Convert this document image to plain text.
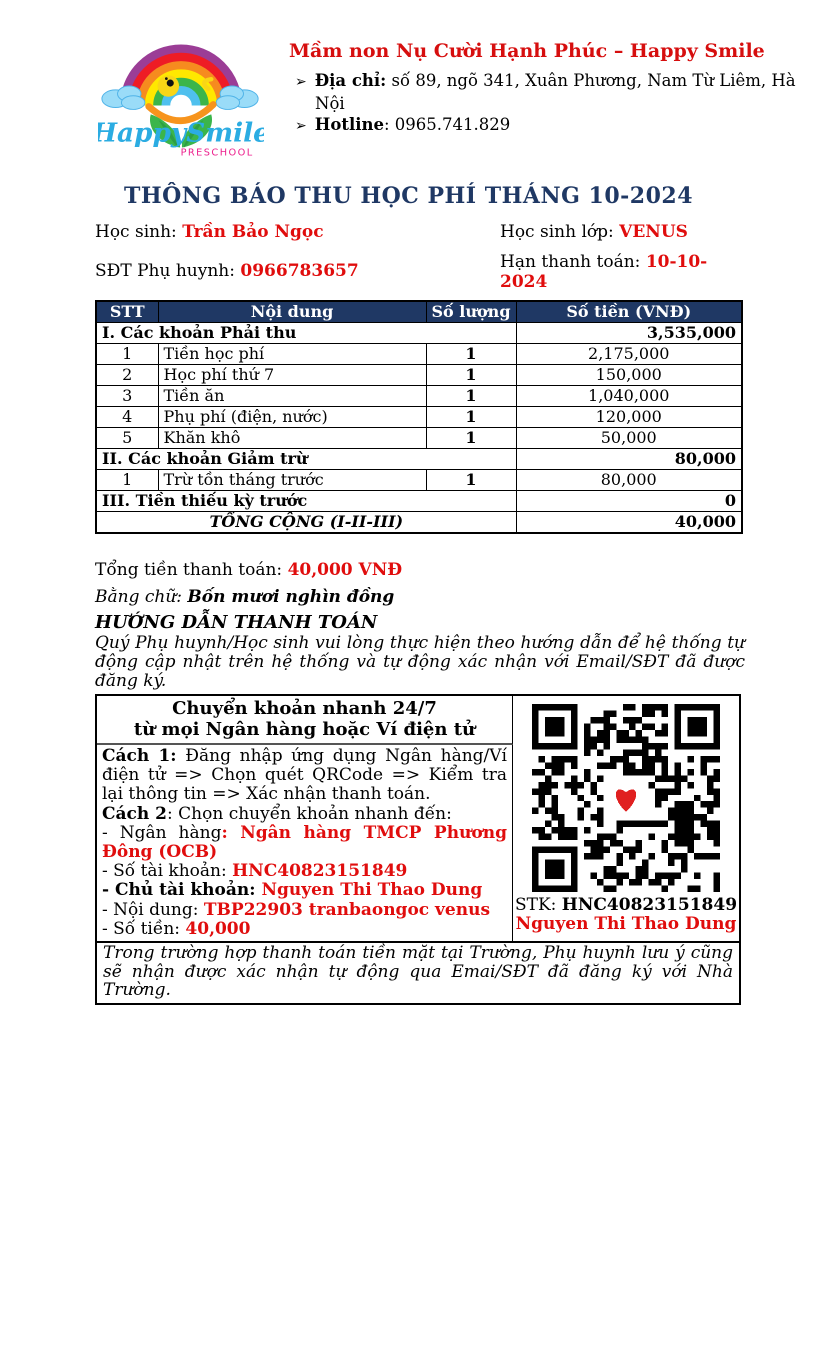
HappySmile
PRESCHOOL
Mầm non Nụ Cười Hạnh Phúc – Happy Smile
➢ Địa chỉ: số 89, ngõ 341, Xuân Phương, Nam Từ Liêm, Hà Nội
➢ Hotline: 0965.741.829
THÔNG BÁO THU HỌC PHÍ THÁNG 10-2024
Học sinh: Trần Bảo Ngọc	Học sinh lớp: VENUS
SĐT Phụ huynh: 0966783657	Hạn thanh toán: 10-10-2024
STT	Nội dung	Số lượng	Số tiền (VNĐ)
I. Các khoản Phải thu			3,535,000
1	Tiền học phí	1	2,175,000
2	Học phí thứ 7	1	150,000
3	Tiền ăn	1	1,040,000
4	Phụ phí (điện, nước)	1	120,000
5	Khăn khô	1	50,000
II. Các khoản Giảm trừ			80,000
1	Trừ tồn tháng trước	1	80,000
III. Tiền thiếu kỳ trước			0
TỔNG CỘNG (I-II-III)			40,000
Tổng tiền thanh toán: 40,000 VNĐ
Bằng chữ: Bốn mươi nghìn đồng
HƯỚNG DẪN THANH TOÁN
Quý Phụ huynh/Học sinh vui lòng thực hiện theo hướng dẫn để hệ thống tự động cập nhật trên hệ thống và tự động xác nhận với Email/SĐT đã được đăng ký.
Chuyển khoản nhanh 24/7
từ mọi Ngân hàng hoặc Ví điện tử

Cách 1: Đăng nhập ứng dụng Ngân hàng/Ví điện tử => Chọn quét QRCode => Kiểm tra lại thông tin => Xác nhận thanh toán.

Cách 2: Chọn chuyển khoản nhanh đến:

- Ngân hàng: Ngân hàng TMCP Phương Đông (OCB)

- Số tài khoản: HNC40823151849

- Chủ tài khoản: Nguyen Thi Thao Dung

- Nội dung: TBP22903 tranbaongoc venus

- Số tiền: 40,000

STK: HNC40823151849
Nguyen Thi Thao Dung
Trong trường hợp thanh toán tiền mặt tại Trường, Phụ huynh lưu ý cũng sẽ nhận được xác nhận tự động qua Emai/SĐT đã đăng ký với Nhà Trường.
